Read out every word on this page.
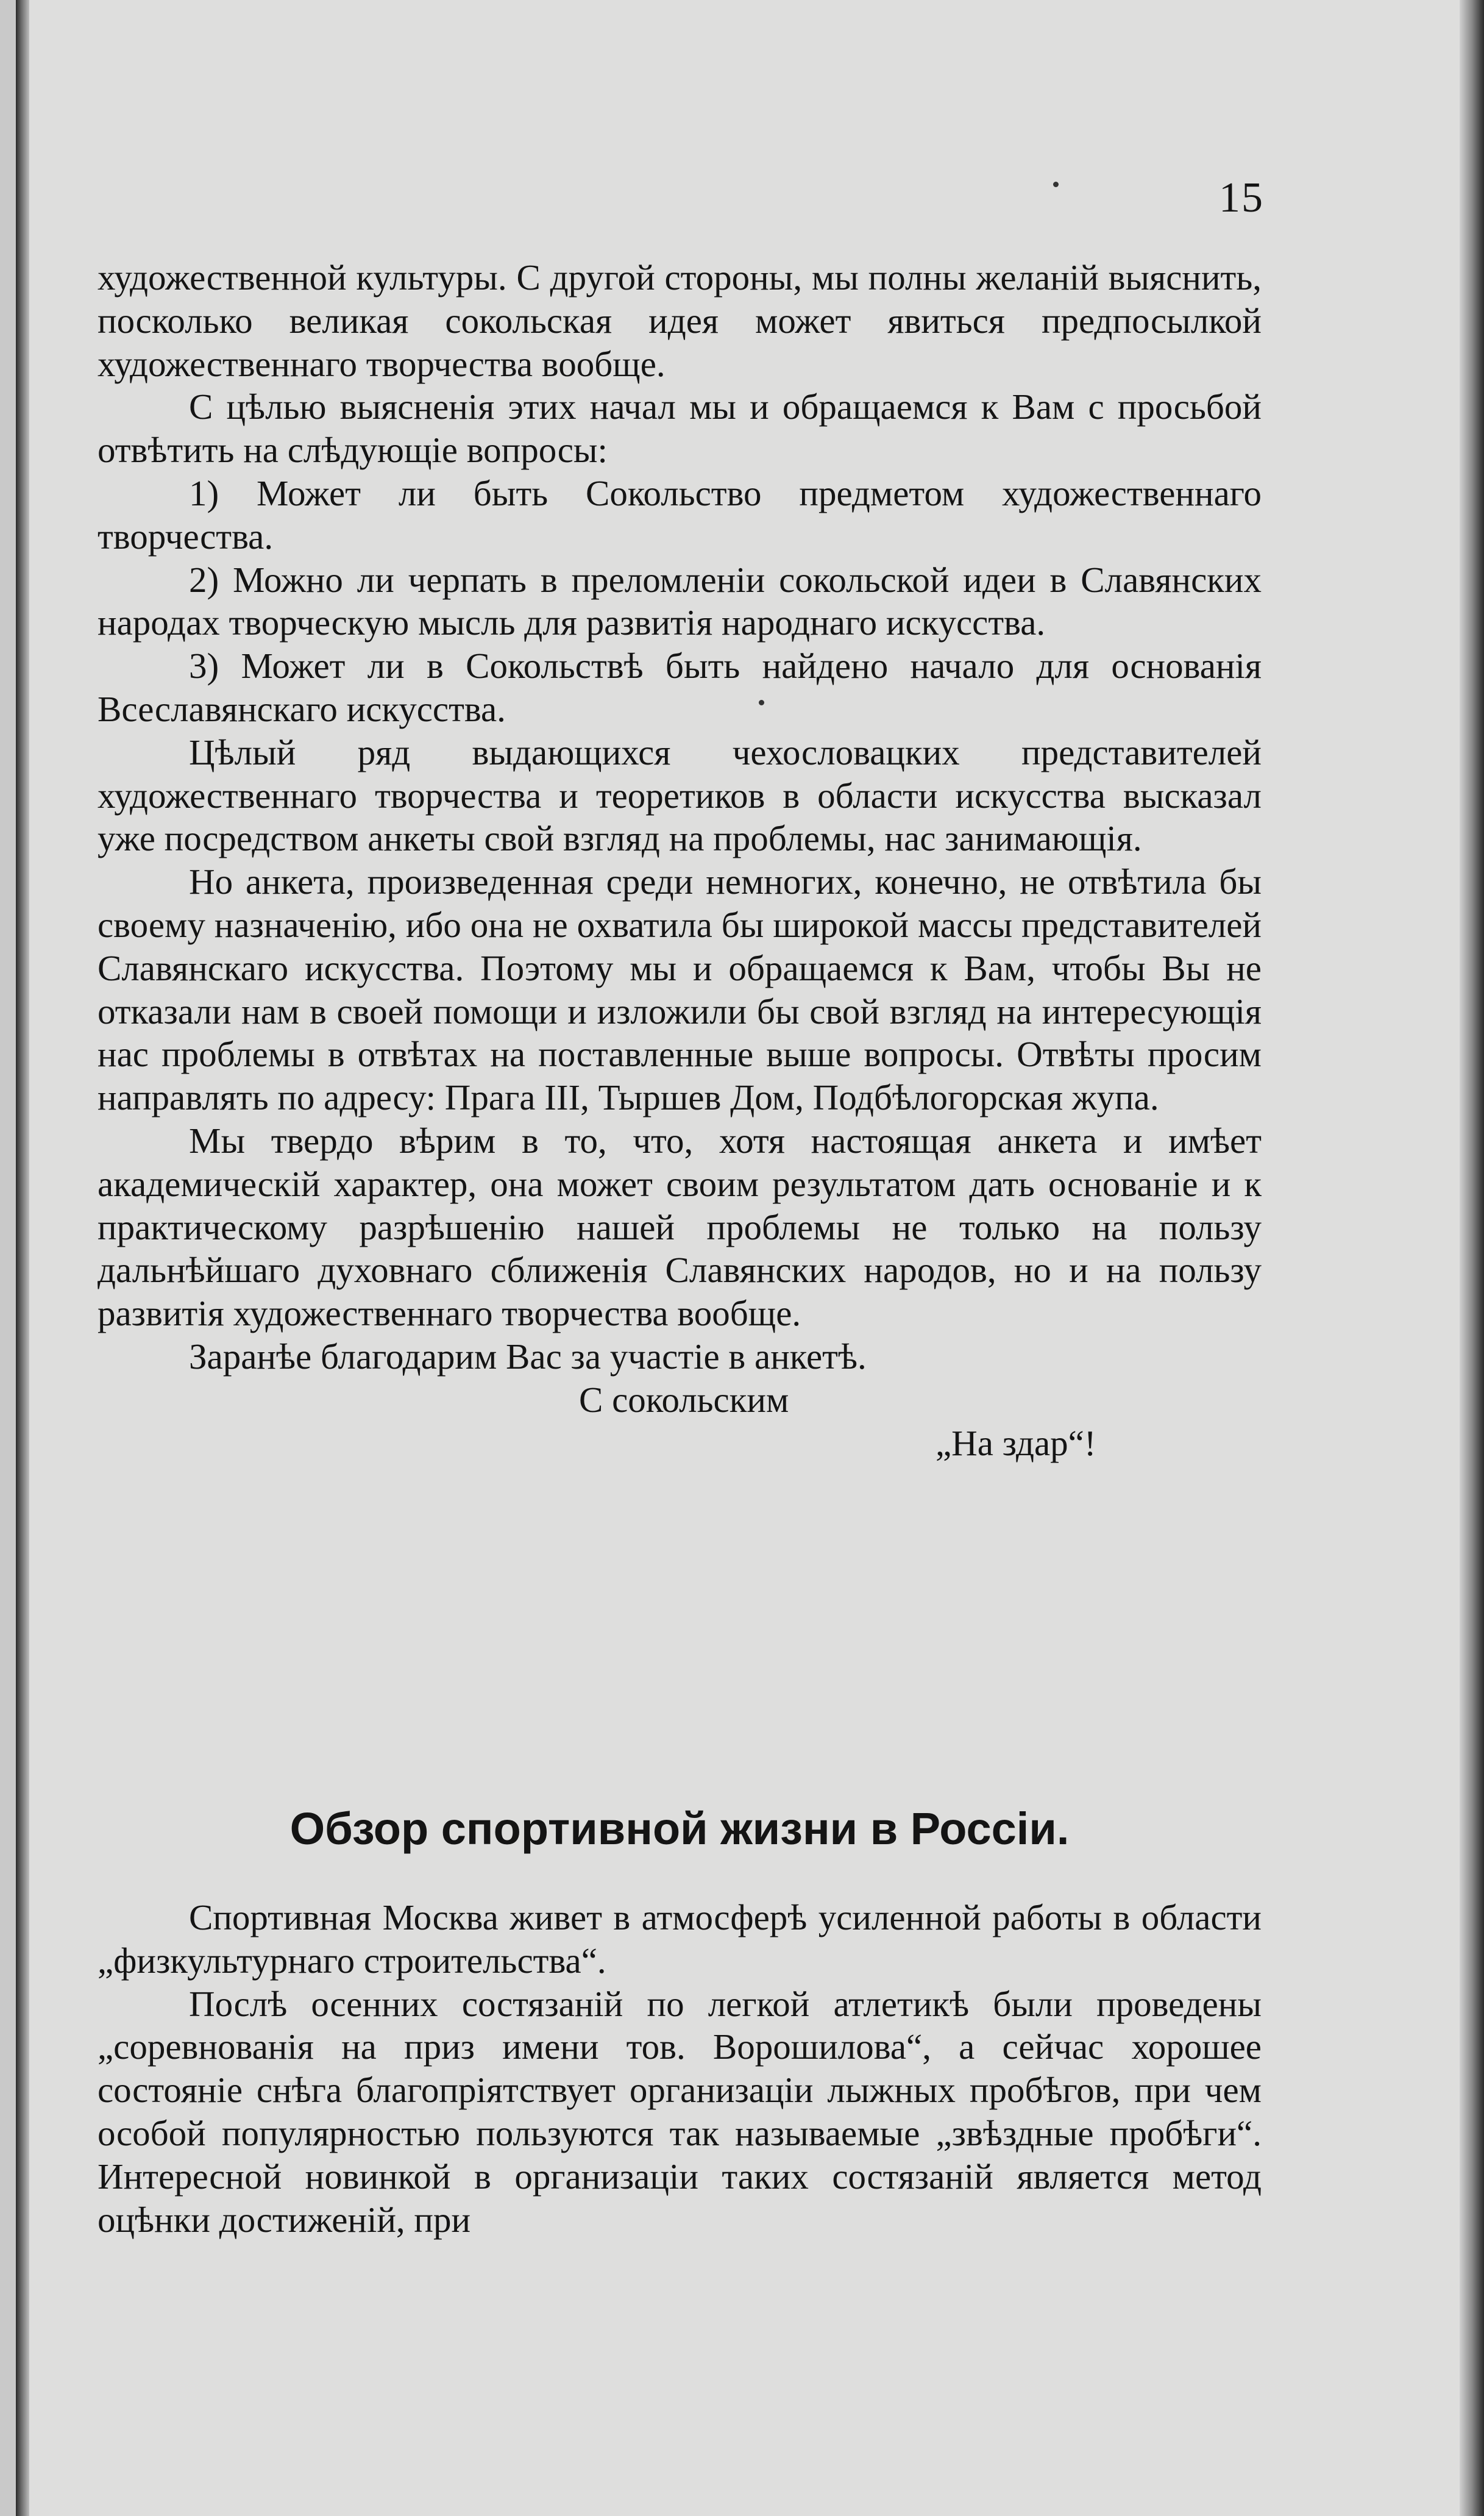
15

художественной культуры. С другой стороны, мы полны желаній выяснить, посколько великая сокольская идея может явиться предпосылкой художественнаго творчества вообще.

С цѣлью выясненія этих начал мы и обращаемся к Вам с просьбой отвѣтить на слѣдующіе вопросы:

1) Может ли быть Сокольство предметом художественнаго творчества.

2) Можно ли черпать в преломленіи сокольской идеи в Славянских народах творческую мысль для развитія народнаго искусства.

3) Может ли в Сокольствѣ быть найдено начало для основанія Всеславянскаго искусства.

Цѣлый ряд выдающихся чехословацких представителей художественнаго творчества и теоретиков в области искусства высказал уже посредством анкеты свой взгляд на проблемы, нас занимающія.

Но анкета, произведенная среди немногих, конечно, не отвѣтила бы своему назначенію, ибо она не охватила бы широкой массы представителей Славянскаго искусства. Поэтому мы и обращаемся к Вам, чтобы Вы не отказали нам в своей помощи и изложили бы свой взгляд на интересующія нас проблемы в отвѣтах на поставленные выше вопросы. Отвѣты просим направлять по адресу: Прага III, Тыршев Дом, Подбѣлогорская жупа.

Мы твердо вѣрим в то, что, хотя настоящая анкета и имѣет академическій характер, она может своим результатом дать основаніе и к практическому разрѣшенію нашей проблемы не только на пользу дальнѣйшаго духовнаго сближенія Славянских народов, но и на пользу развитія художественнаго творчества вообще.

Заранѣе благодарим Вас за участіе в анкетѣ.

С сокольским

„На здар“!

Обзор спортивной жизни в Россіи.

Спортивная Москва живет в атмосферѣ усиленной работы в области „физкультурнаго строительства“.

Послѣ осенних состязаній по легкой атлетикѣ были проведены „соревнованія на приз имени тов. Ворошилова“, а сейчас хорошее состояніе снѣга благопріятствует организаціи лыжных пробѣгов, при чем особой популярностью пользуются так называемые „звѣздные пробѣги“. Интересной новинкой в организаціи таких состязаній является метод оцѣнки достиженій, при
